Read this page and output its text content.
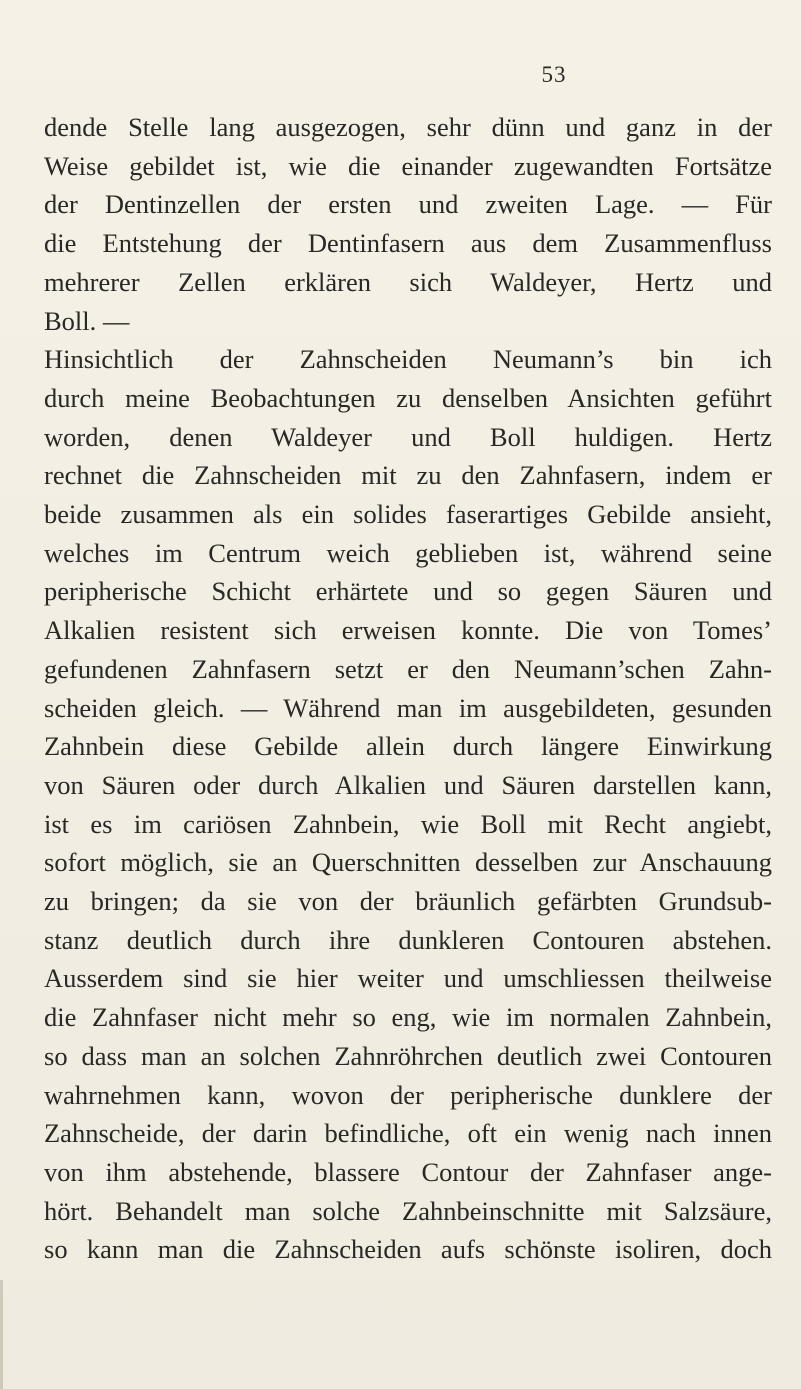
53
dende Stelle lang ausgezogen, sehr dünn und ganz in der
Weise gebildet ist, wie die einander zugewandten Fortsätze
der Dentinzellen der ersten und zweiten Lage. — Für
die Entstehung der Dentinfasern aus dem Zusammenfluss
mehrerer Zellen erklären sich Waldeyer, Hertz und
Boll. —
Hinsichtlich der Zahnscheiden Neumann’s bin ich
durch meine Beobachtungen zu denselben Ansichten geführt
worden, denen Waldeyer und Boll huldigen. Hertz
rechnet die Zahnscheiden mit zu den Zahnfasern, indem er
beide zusammen als ein solides faserartiges Gebilde ansieht,
welches im Centrum weich geblieben ist, während seine
peripherische Schicht erhärtete und so gegen Säuren und
Alkalien resistent sich erweisen konnte. Die von Tomes’
gefundenen Zahnfasern setzt er den Neumann’schen Zahn-
scheiden gleich. — Während man im ausgebildeten, gesunden
Zahnbein diese Gebilde allein durch längere Einwirkung
von Säuren oder durch Alkalien und Säuren darstellen kann,
ist es im cariösen Zahnbein, wie Boll mit Recht angiebt,
sofort möglich, sie an Querschnitten desselben zur Anschauung
zu bringen; da sie von der bräunlich gefärbten Grundsub-
stanz deutlich durch ihre dunkleren Contouren abstehen.
Ausserdem sind sie hier weiter und umschliessen theilweise
die Zahnfaser nicht mehr so eng, wie im normalen Zahnbein,
so dass man an solchen Zahnröhrchen deutlich zwei Contouren
wahrnehmen kann, wovon der peripherische dunklere der
Zahnscheide, der darin befindliche, oft ein wenig nach innen
von ihm abstehende, blassere Contour der Zahnfaser ange-
hört. Behandelt man solche Zahnbeinschnitte mit Salzsäure,
so kann man die Zahnscheiden aufs schönste isoliren, doch
